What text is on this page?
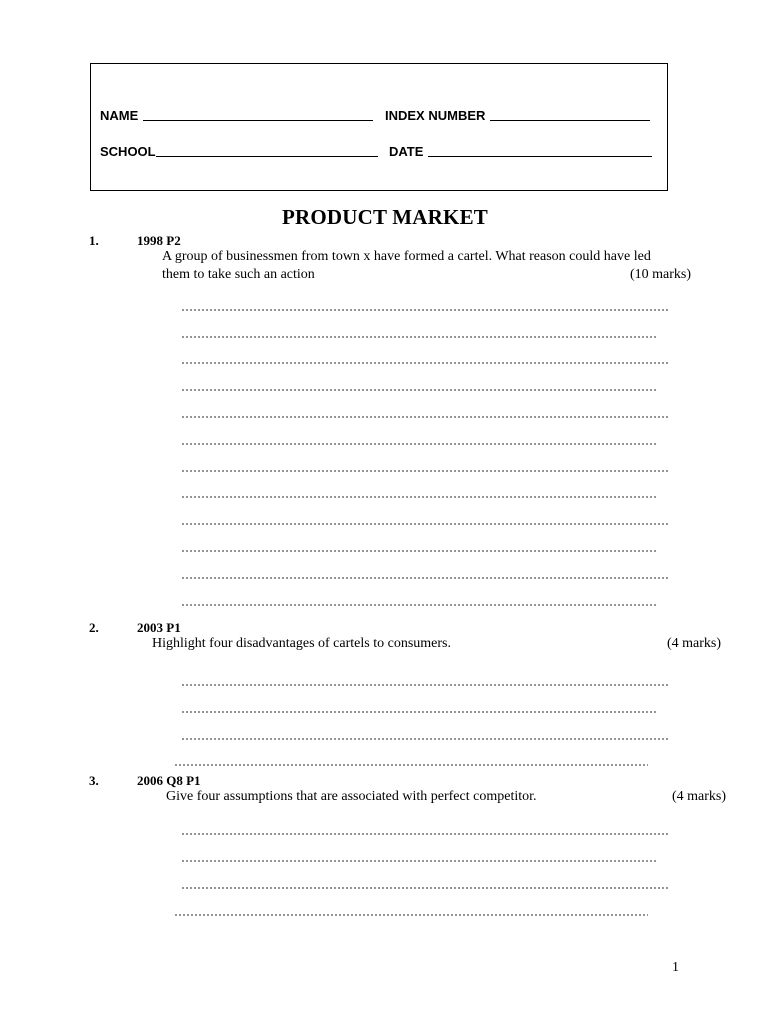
NAME	INDEX NUMBER
SCHOOL	DATE
PRODUCT MARKET
1.	1998 P2
A group of businessmen from town x have formed a cartel. What reason could have led
them to take such an action	(10 marks)
2.	2003 P1
Highlight four disadvantages of cartels to consumers.	(4 marks)
3.	2006 Q8 P1
Give four assumptions that are associated with perfect competitor.	(4 marks)
1
